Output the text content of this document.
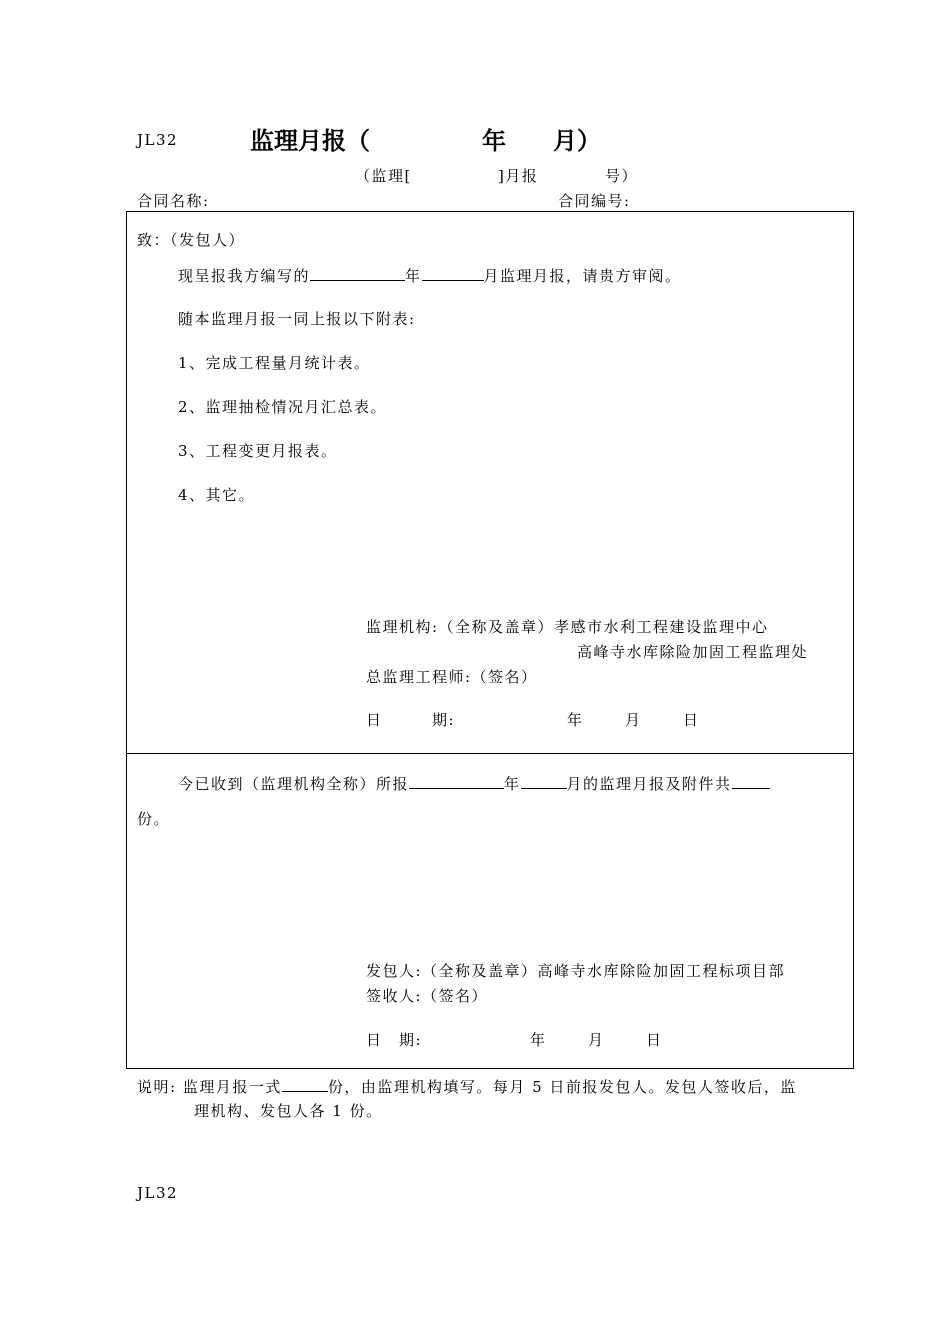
JL32	监理月报（	年 月）
（监理[	]月报	号）
合同名称:	合同编号:
致：（发包人）
现呈报我方编写的	年	月监理月报，请贵方审阅。
随本监理月报一同上报以下附表:
1、完成工程量月统计表。
2、监理抽检情况月汇总表。
3、工程变更月报表。
4、其它。
监理机构:（全称及盖章）孝感市水利工程建设监理中心
高峰寺水库除险加固工程监理处
总监理工程师:（签名）
日　　　期:	年	月	日
今已收到（监理机构全称）所报	年	月的监理月报及附件共
份。
发包人:（全称及盖章）高峰寺水库除险加固工程标项目部
签收人:（签名）
日　期:	年	月	日
说明: 监理月报一式	份，由监理机构填写。每月 5 日前报发包人。发包人签收后，监
理机构、发包人各 1 份。
JL32
